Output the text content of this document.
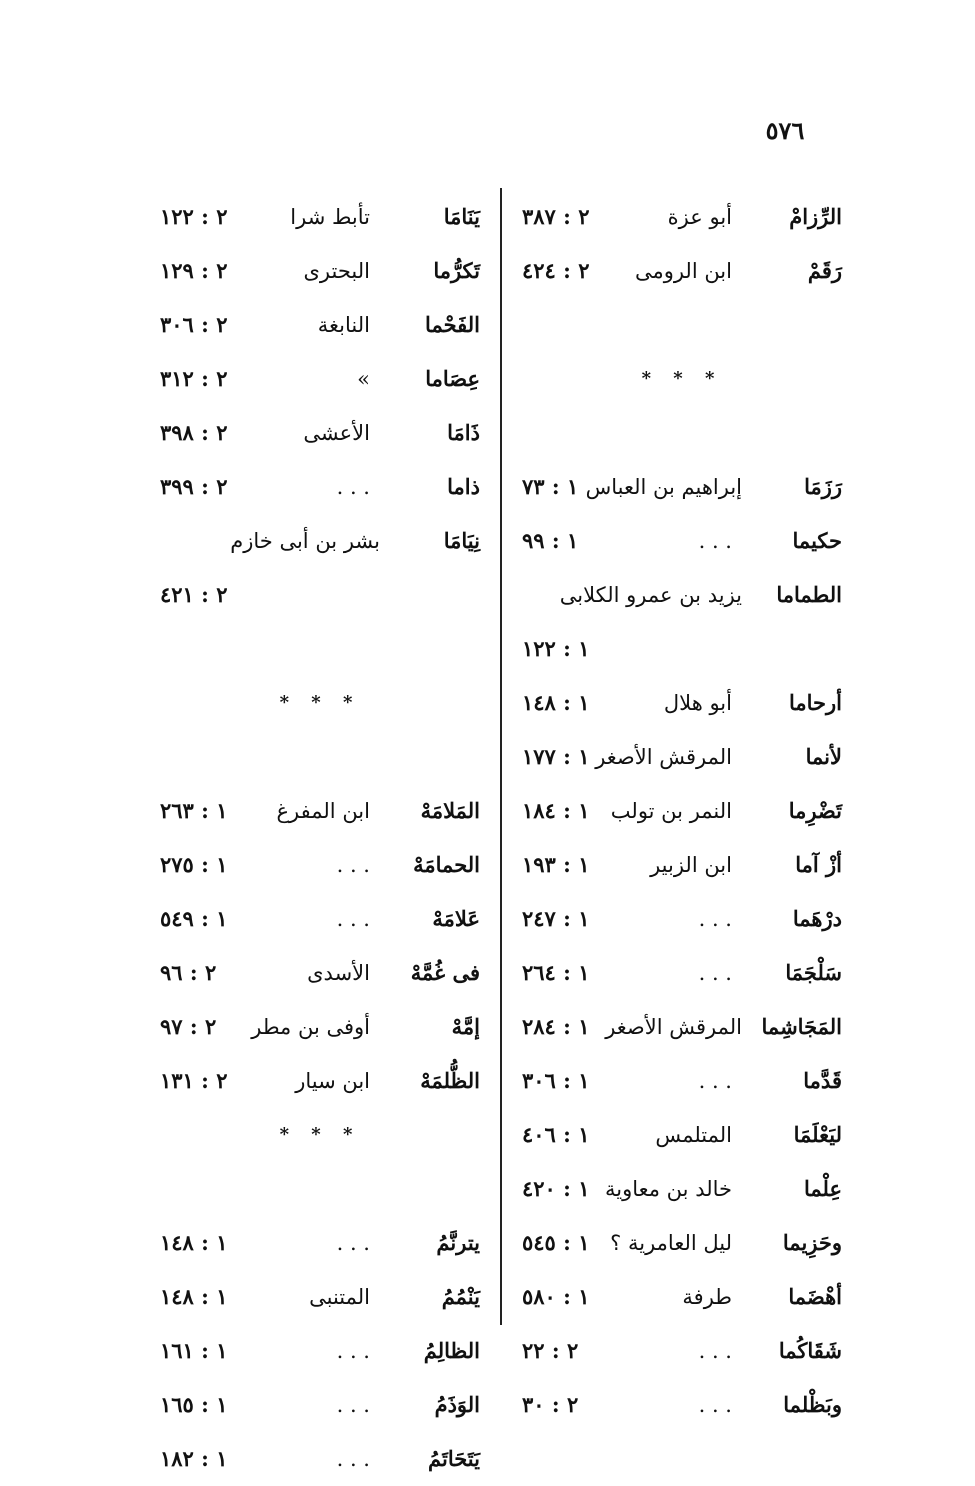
٥٧٦
الرِّزامْ
أبو عزة
٢ : ٣٨٧
رَقَمْ
ابن الرومى
٢ : ٤٢٤
* * *
رَزَمَا
إبراهيم بن العباس
١ : ٧٣
حكيما
. . .
١ : ٩٩
الطماما
يزيد بن عمرو الكلابى
١ : ١٢٢
أرحاما
أبو هلال
١ : ١٤٨
لأنما
المرقش الأصغر
١ : ١٧٧
تَضْرِما
النمر بن تولب
١ : ١٨٤
أزْ آما
ابن الزبير
١ : ١٩٣
درْهَما
. . .
١ : ٢٤٧
سَلْجَمَا
. . .
١ : ٢٦٤
المَجَاشِما
المرقش الأصغر
١ : ٢٨٤
قَدَّما
. . .
١ : ٣٠٦
ليَعْلَمَا
المتلمس
١ : ٤٠٦
عِلْما
خالد بن معاوية
١ : ٤٢٠
وحَزِيما
ليل العامرية ؟
١ : ٥٤٥
أهْضَما
طرفة
١ : ٥٨٠
شَقَاكُما
. . .
٢ : ٢٢
وبَظْلما
. . .
٢ : ٣٠
يَنَامَا
تأبط شرا
٢ : ١٢٢
تَكرُّما
البحترى
٢ : ١٢٩
الفَحْما
النابغة
٢ : ٣٠٦
عِصَاما
»
٢ : ٣١٢
ذَامَا
الأعشى
٢ : ٣٩٨
ذاما
. . .
٢ : ٣٩٩
نِيَامَا
بشر بن أبى خازم
٢ : ٤٢١
* * *
المَلامَهْ
ابن المفرغ
١ : ٢٦٣
الحمامَهْ
. . .
١ : ٢٧٥
عَلامَهْ
. . .
١ : ٥٤٩
فى غُمَّهْ
الأسدى
٢ : ٩٦
إمَّهْ
أوفى بن مطر
٢ : ٩٧
الظُّلمَهْ
ابن سيار
٢ : ١٣١
* * *
يترنَّمُ
. . .
١ : ١٤٨
يَنْمُمُ
المتنبى
١ : ١٤٨
الظالِمُ
. . .
١ : ١٦١
الوَذَمُ
. . .
١ : ١٦٥
يَتَحَاتَمُ
. . .
١ : ١٨٢
